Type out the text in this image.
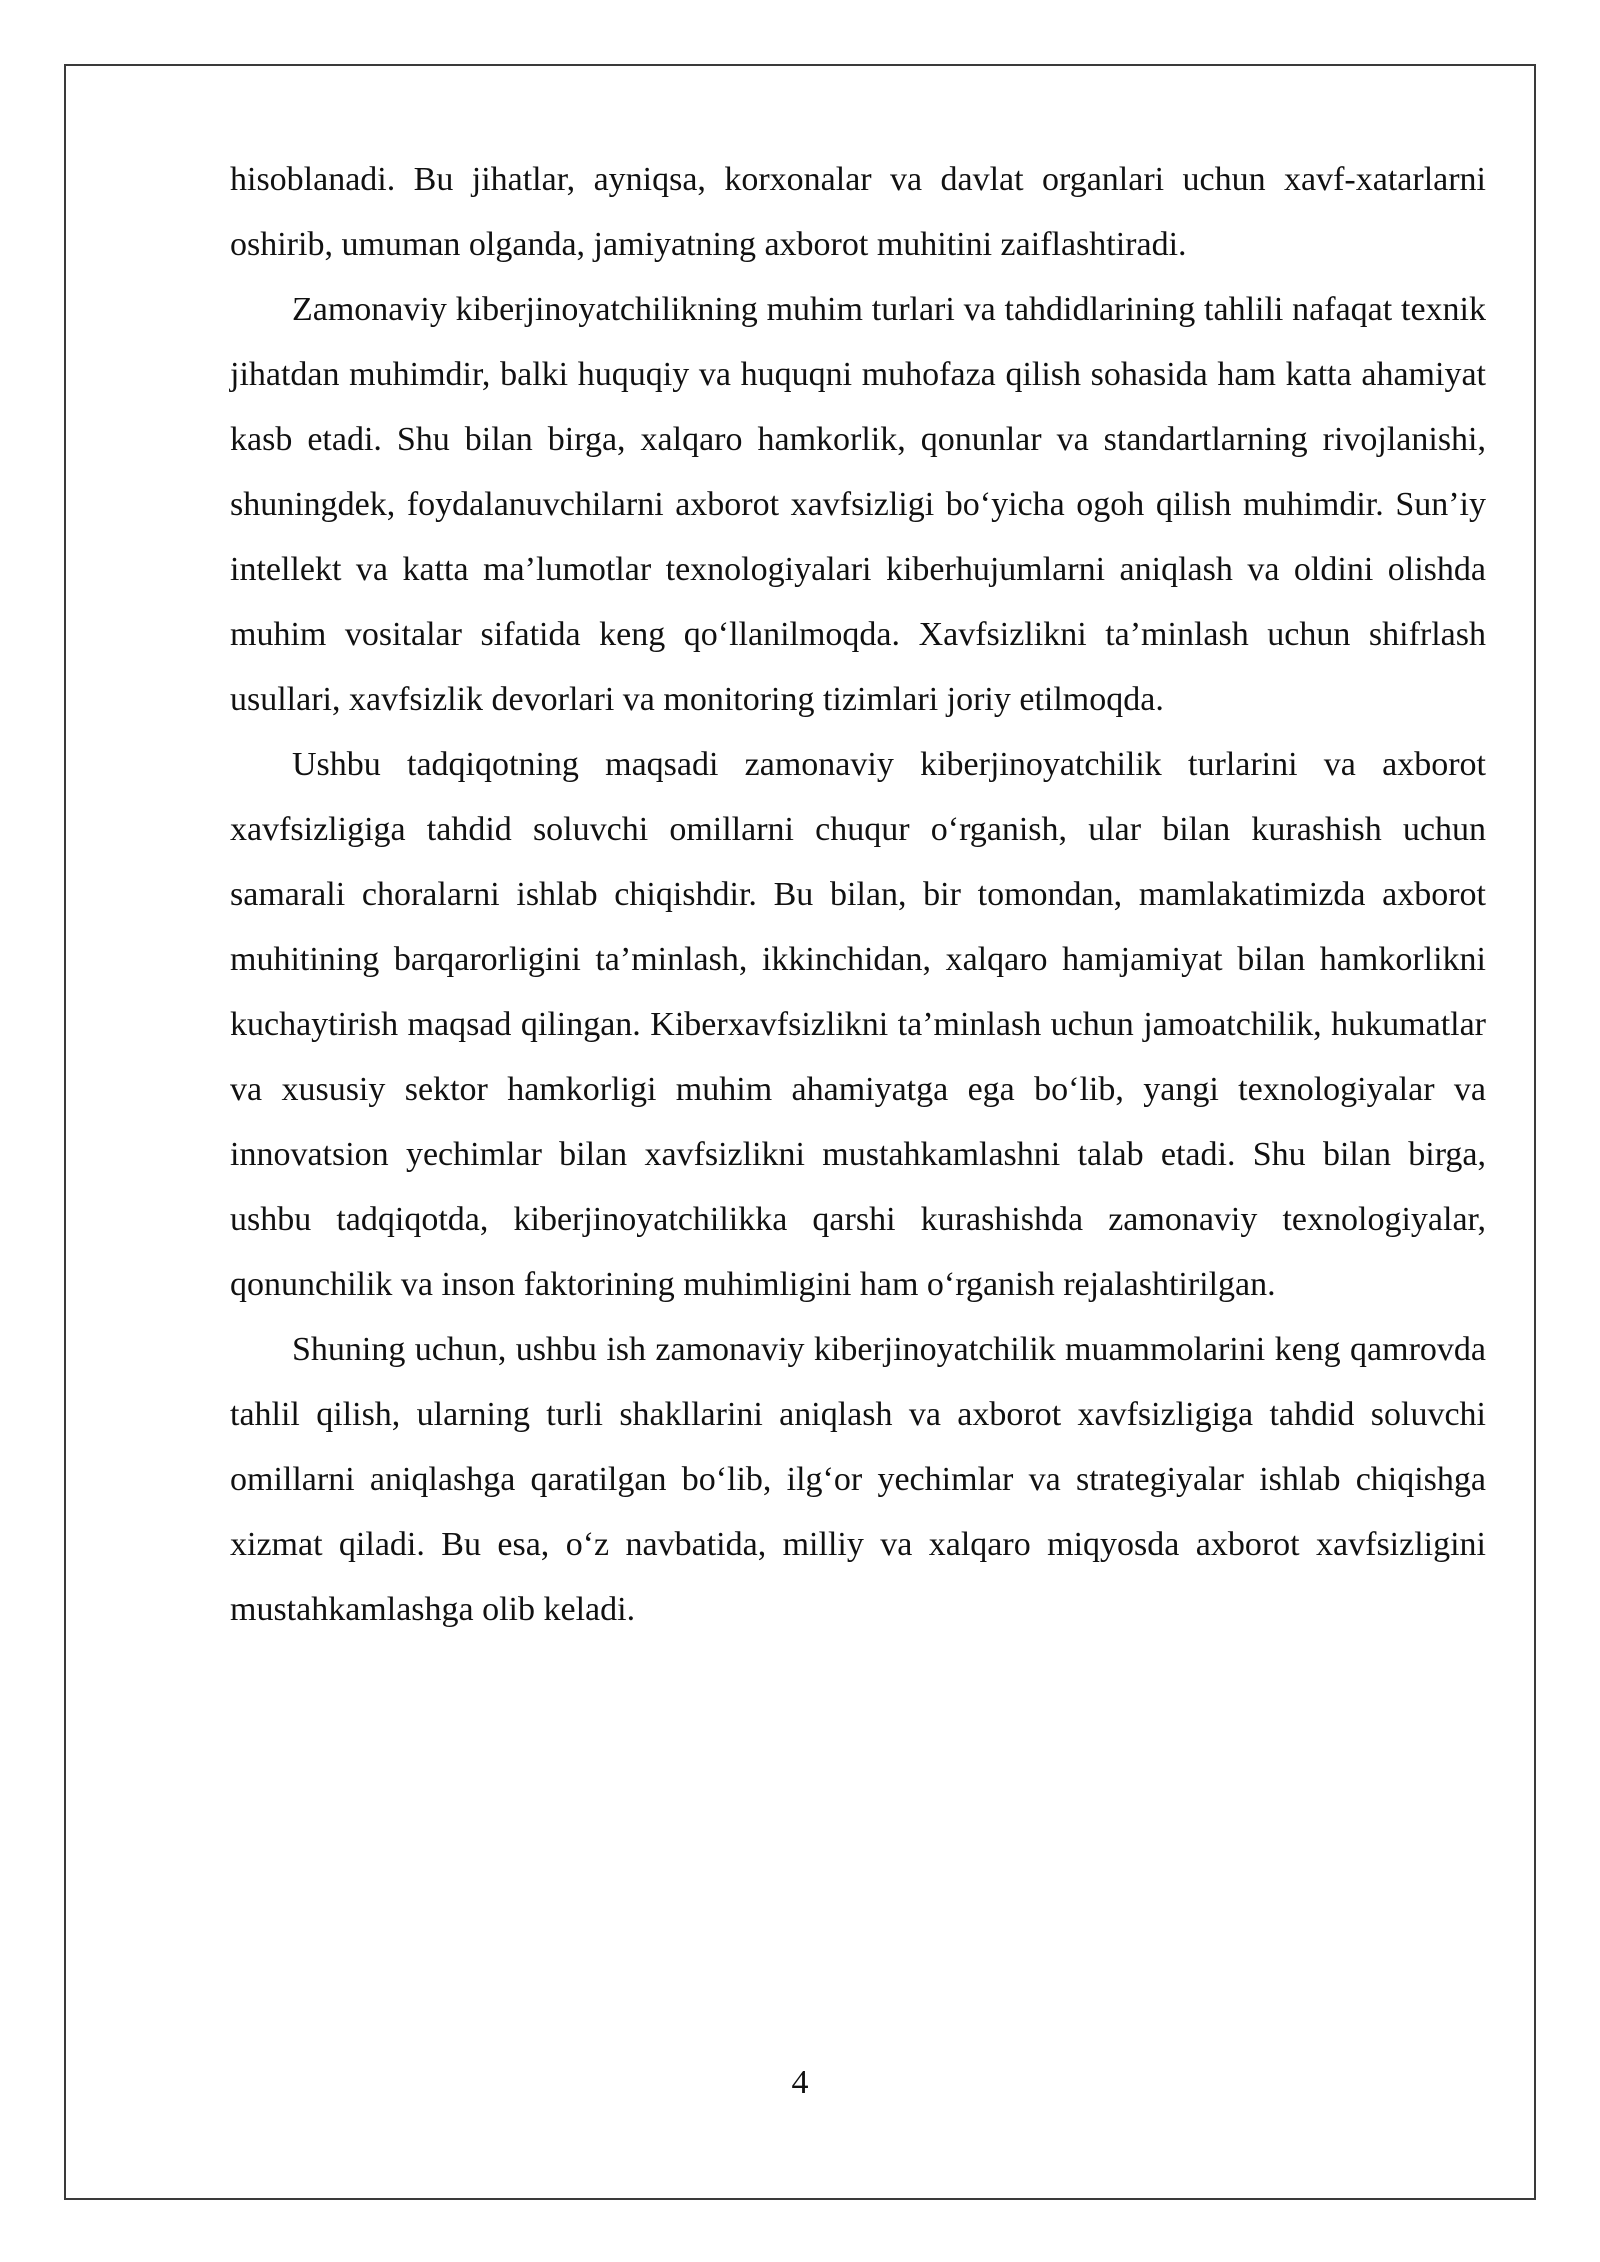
hisoblanadi. Bu jihatlar, ayniqsa, korxonalar va davlat organlari uchun xavf-xatarlarni oshirib, umuman olganda, jamiyatning axborot muhitini zaiflashtiradi.

Zamonaviy kiberjinoyatchilikning muhim turlari va tahdidlarining tahlili nafaqat texnik jihatdan muhimdir, balki huquqiy va huquqni muhofaza qilish sohasida ham katta ahamiyat kasb etadi. Shu bilan birga, xalqaro hamkorlik, qonunlar va standartlarning rivojlanishi, shuningdek, foydalanuvchilarni axborot xavfsizligi bo‘yicha ogoh qilish muhimdir. Sun’iy intellekt va katta ma’lumotlar texnologiyalari kiberhujumlarni aniqlash va oldini olishda muhim vositalar sifatida keng qo‘llanilmoqda. Xavfsizlikni ta’minlash uchun shifrlash usullari, xavfsizlik devorlari va monitoring tizimlari joriy etilmoqda.

Ushbu tadqiqotning maqsadi zamonaviy kiberjinoyatchilik turlarini va axborot xavfsizligiga tahdid soluvchi omillarni chuqur o‘rganish, ular bilan kurashish uchun samarali choralarni ishlab chiqishdir. Bu bilan, bir tomondan, mamlakatimizda axborot muhitining barqarorligini ta’minlash, ikkinchidan, xalqaro hamjamiyat bilan hamkorlikni kuchaytirish maqsad qilingan. Kiberxavfsizlikni ta’minlash uchun jamoatchilik, hukumatlar va xususiy sektor hamkorligi muhim ahamiyatga ega bo‘lib, yangi texnologiyalar va innovatsion yechimlar bilan xavfsizlikni mustahkamlashni talab etadi. Shu bilan birga, ushbu tadqiqotda, kiberjinoyatchilikka qarshi kurashishda zamonaviy texnologiyalar, qonunchilik va inson faktorining muhimligini ham o‘rganish rejalashtirilgan.

Shuning uchun, ushbu ish zamonaviy kiberjinoyatchilik muammolarini keng qamrovda tahlil qilish, ularning turli shakllarini aniqlash va axborot xavfsizligiga tahdid soluvchi omillarni aniqlashga qaratilgan bo‘lib, ilg‘or yechimlar va strategiyalar ishlab chiqishga xizmat qiladi. Bu esa, o‘z navbatida, milliy va xalqaro miqyosda axborot xavfsizligini mustahkamlashga olib keladi.

4
